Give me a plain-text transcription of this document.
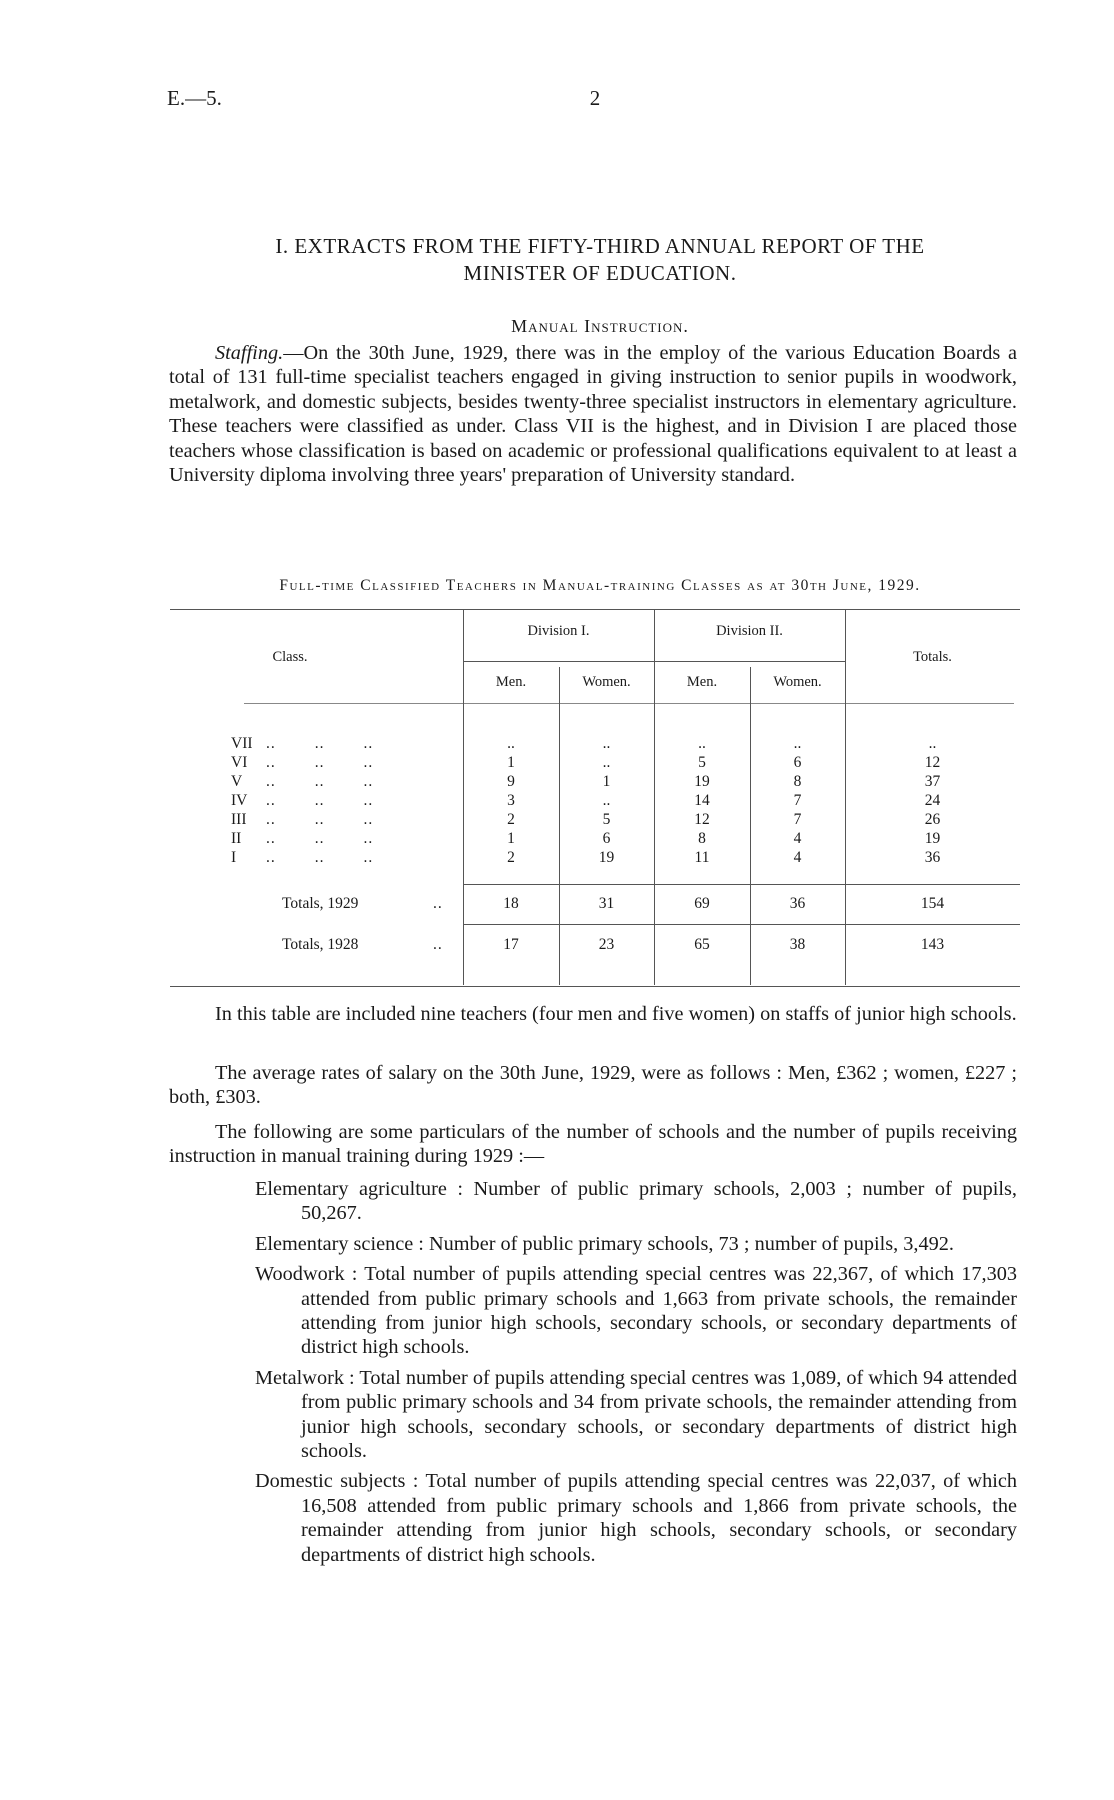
E.—5.	2
I. EXTRACTS FROM THE FIFTY-THIRD ANNUAL REPORT OF THE
MINISTER OF EDUCATION.
Manual Instruction.
Staffing.—On the 30th June, 1929, there was in the employ of the various Education Boards a total of 131 full-time specialist teachers engaged in giving instruction to senior pupils in woodwork, metalwork, and domestic subjects, besides twenty-three specialist instructors in elementary agriculture. These teachers were classified as under. Class VII is the highest, and in Division I are placed those teachers whose classification is based on academic or professional qualifications equivalent to at least a University diploma involving three years' preparation of University standard.
Full-time Classified Teachers in Manual-training Classes as at 30th June, 1929.
Class.
Division I.	Division II.
Men.	Women.	Men.	Women.
Totals.
VII ..        ..        ..	..	..	..	..	..
VI ..        ..        ..	1	..	5	6	12
V ..        ..        ..	9	1	19	8	37
IV ..        ..        ..	3	..	14	7	24
III ..        ..        ..	2	5	12	7	26
II ..        ..        ..	1	6	8	4	19
I ..        ..        ..	2	19	11	4	36
Totals, 1929	..	18	31	69	36	154
Totals, 1928	..	17	23	65	38	143
In this table are included nine teachers (four men and five women) on staffs of junior high schools.
The average rates of salary on the 30th June, 1929, were as follows : Men, £362 ; women, £227 ; both, £303.
The following are some particulars of the number of schools and the number of pupils receiving instruction in manual training during 1929 :—

Elementary agriculture : Number of public primary schools, 2,003 ; number of pupils, 50,267.

Elementary science : Number of public primary schools, 73 ; number of pupils, 3,492.

Woodwork : Total number of pupils attending special centres was 22,367, of which 17,303 attended from public primary schools and 1,663 from private schools, the remainder attending from junior high schools, secondary schools, or secondary departments of district high schools.

Metalwork : Total number of pupils attending special centres was 1,089, of which 94 attended from public primary schools and 34 from private schools, the remainder attending from junior high schools, secondary schools, or secondary departments of district high schools.

Domestic subjects : Total number of pupils attending special centres was 22,037, of which 16,508 attended from public primary schools and 1,866 from private schools, the remainder attending from junior high schools, secondary schools, or secondary departments of district high schools.
